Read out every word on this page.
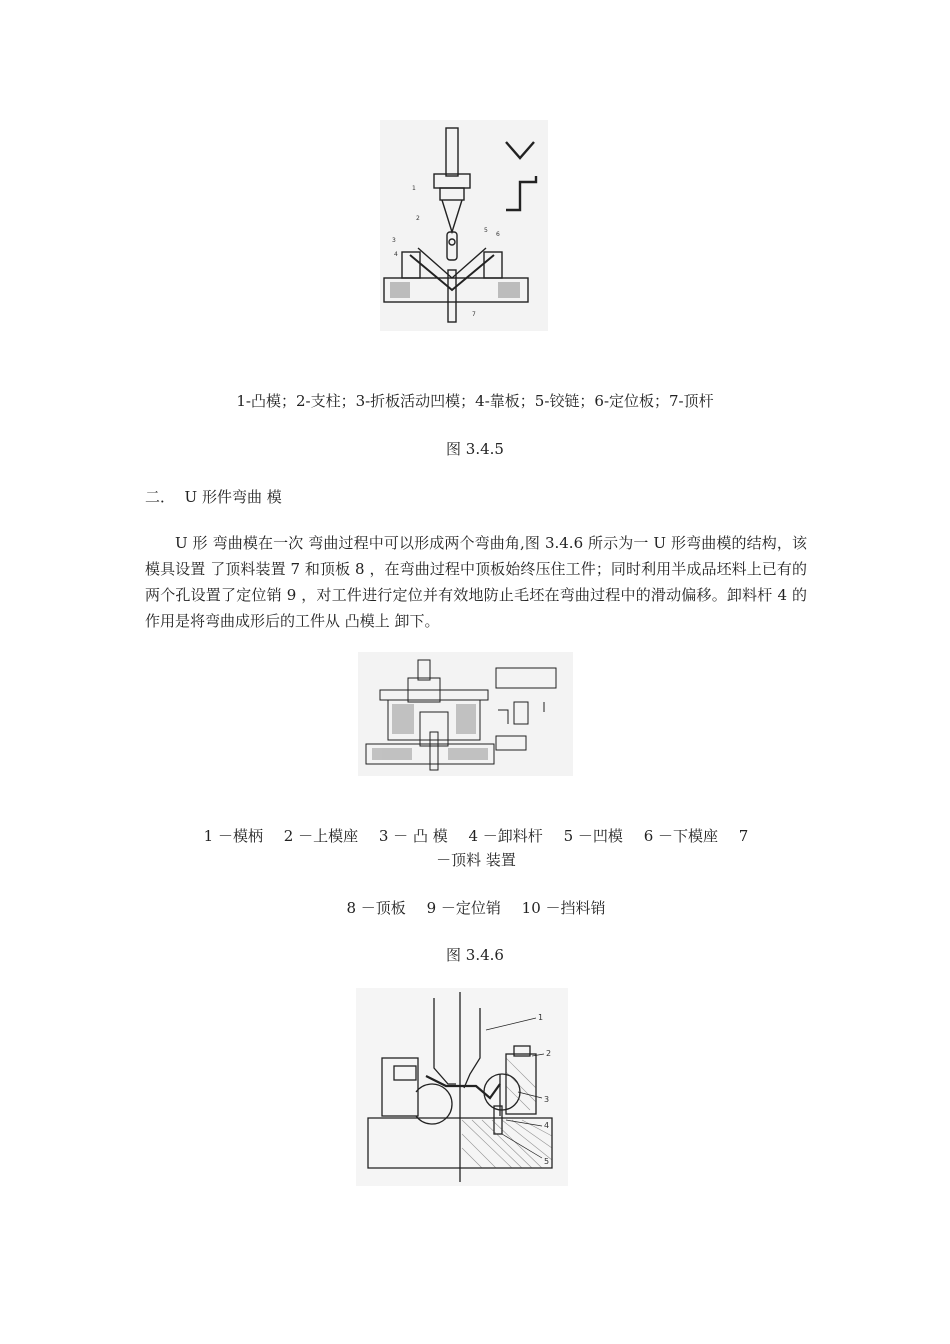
1
2
3
4
5
6
7
1-凸模；2-支柱；3-折板活动凹模；4-靠板；5-铰链；6-定位板；7-顶杆
图 3.4.5
二．  U 形件弯曲 模
U 形 弯曲模在一次 弯曲过程中可以形成两个弯曲角,图 3.4.6 所示为一 U 形弯曲模的结构，该模具设置 了顶料装置 7 和顶板 8 ，在弯曲过程中顶板始终压住工件；同时利用半成品坯料上已有的两个孔设置了定位销 9 ，对工件进行定位并有效地防止毛坯在弯曲过程中的滑动偏移。卸料杆 4 的作用是将弯曲成形后的工件从 凸模上 卸下。
1 －模柄 2 －上模座 3 － 凸 模 4 －卸料杆 5 －凹模 6 －下模座 7
－顶料 装置
8 －顶板 9 －定位销 10 －挡料销
图 3.4.6
1
2
3
4
5
